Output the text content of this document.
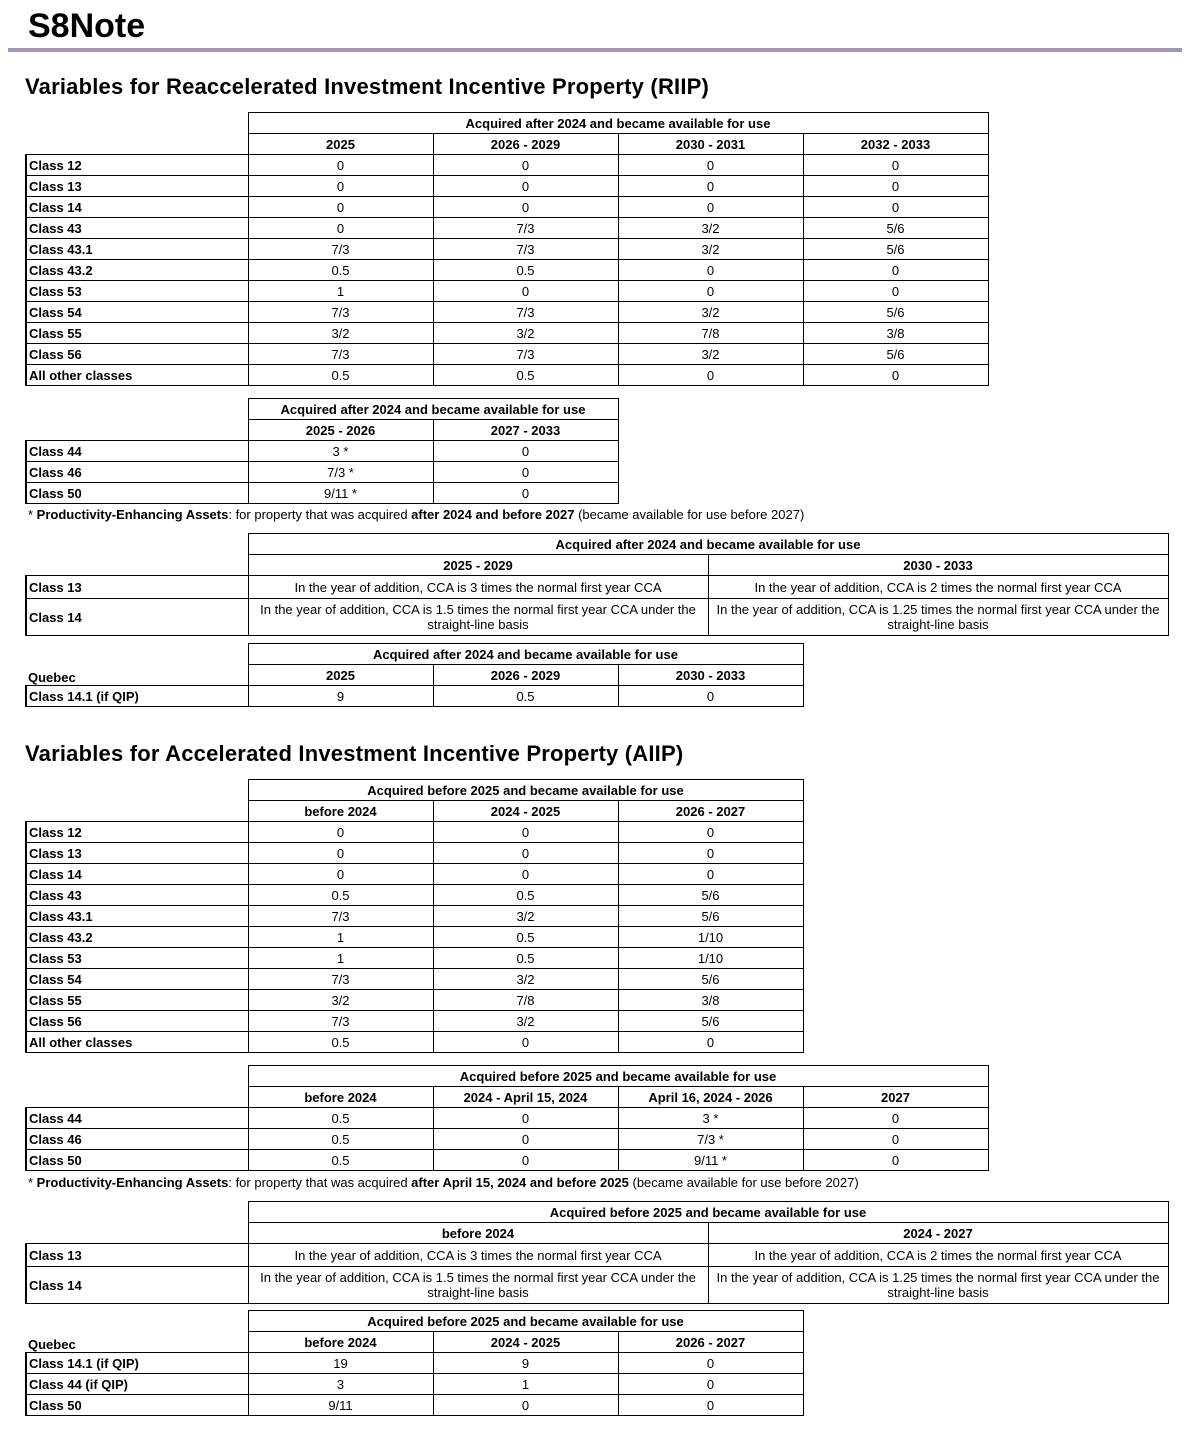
S8Note
Variables for Reaccelerated Investment Incentive Property (RIIP)
	Acquired after 2024 and became available for use			
	2025	2026 - 2029	2030 - 2031	2032 - 2033
Class 12	0	0	0	0
Class 13	0	0	0	0
Class 14	0	0	0	0
Class 43	0	7/3	3/2	5/6
Class 43.1	7/3	7/3	3/2	5/6
Class 43.2	0.5	0.5	0	0
Class 53	1	0	0	0
Class 54	7/3	7/3	3/2	5/6
Class 55	3/2	3/2	7/8	3/8
Class 56	7/3	7/3	3/2	5/6
All other classes	0.5	0.5	0	0
	Acquired after 2024 and became available for use	
	2025 - 2026	2027 - 2033
Class 44	3 *	0
Class 46	7/3 *	0
Class 50	9/11 *	0
* Productivity-Enhancing Assets: for property that was acquired after 2024 and before 2027 (became available for use before 2027)
	Acquired after 2024 and became available for use	
	2025 - 2029	2030 - 2033
Class 13	In the year of addition, CCA is 3 times the normal first year CCA	In the year of addition, CCA is 2 times the normal first year CCA
Class 14	In the year of addition, CCA is 1.5 times the normal first year CCA under the straight-line basis	In the year of addition, CCA is 1.25 times the normal first year CCA under the straight-line basis
	Acquired after 2024 and became available for use		
Quebec	2025	2026 - 2029	2030 - 2033
Class 14.1 (if QIP)	9	0.5	0
Variables for Accelerated Investment Incentive Property (AIIP)
	Acquired before 2025 and became available for use		
	before 2024	2024 - 2025	2026 - 2027
Class 12	0	0	0
Class 13	0	0	0
Class 14	0	0	0
Class 43	0.5	0.5	5/6
Class 43.1	7/3	3/2	5/6
Class 43.2	1	0.5	1/10
Class 53	1	0.5	1/10
Class 54	7/3	3/2	5/6
Class 55	3/2	7/8	3/8
Class 56	7/3	3/2	5/6
All other classes	0.5	0	0
	Acquired before 2025 and became available for use			
	before 2024	2024 - April 15, 2024	April 16, 2024 - 2026	2027
Class 44	0.5	0	3 *	0
Class 46	0.5	0	7/3 *	0
Class 50	0.5	0	9/11 *	0
* Productivity-Enhancing Assets: for property that was acquired after April 15, 2024 and before 2025 (became available for use before 2027)
	Acquired before 2025 and became available for use	
	before 2024	2024 - 2027
Class 13	In the year of addition, CCA is 3 times the normal first year CCA	In the year of addition, CCA is 2 times the normal first year CCA
Class 14	In the year of addition, CCA is 1.5 times the normal first year CCA under the straight-line basis	In the year of addition, CCA is 1.25 times the normal first year CCA under the straight-line basis
	Acquired before 2025 and became available for use		
Quebec	before 2024	2024 - 2025	2026 - 2027
Class 14.1 (if QIP)	19	9	0
Class 44 (if QIP)	3	1	0
Class 50	9/11	0	0
